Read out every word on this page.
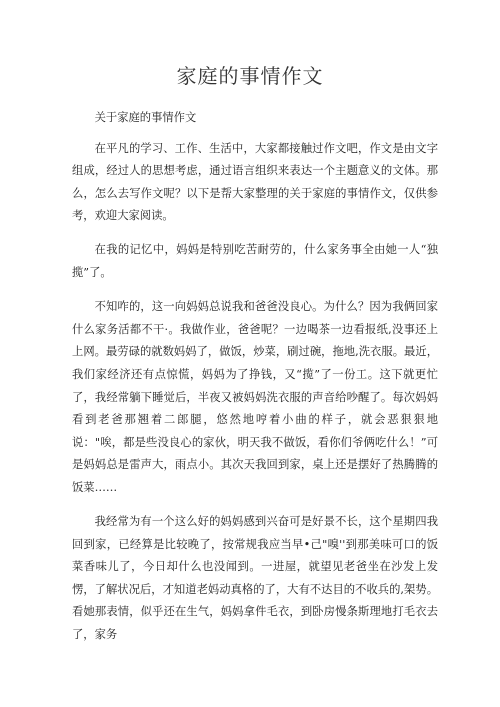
家庭的事情作文

关于家庭的事情作文

在平凡的学习、工作、生活中，大家都接触过作文吧，作文是由文字组成，经过人的思想考虑，通过语言组织来表达一个主题意义的文体。那么，怎么去写作文呢？以下是帮大家整理的关于家庭的事情作文，仅供参考，欢迎大家阅读。

在我的记忆中，妈妈是特别吃苦耐劳的，什么家务事全由她一人“独揽”了。

不知咋的，这一向妈妈总说我和爸爸没良心。为什么？因为我俩回家什么家务活都不干·。我做作业，爸爸呢？一边喝茶一边看报纸,没事还上上网。最劳碌的就数妈妈了，做饭，炒菜，刷过碗，拖地,洗衣服。最近，我们家经济还有点惊慌，妈妈为了挣钱，又“揽”了一份工。这下就更忙了，我经常躺下睡觉后，半夜又被妈妈洗衣服的声音给吵醒了。每次妈妈看到老爸那翘着二郎腿，悠然地哼着小曲的样子，就会恶狠狠地说："唉，都是些没良心的家伙，明天我不做饭，看你们爷俩吃什么！”可是妈妈总是雷声大，雨点小。其次天我回到家，桌上还是摆好了热腾腾的饭菜……

我经常为有一个这么好的妈妈感到兴奋可是好景不长，这个星期四我回到家，已经算是比较晚了，按常规我应当早•己"嗅''到那美味可口的饭菜香味儿了，今日却什么也没闻到。一进屋，就望见老爸坐在沙发上发愣，了解状况后，才知道老妈动真格的了，大有不达目的不收兵的,架势。看她那表情，似乎还在生气，妈妈拿件毛衣，到卧房慢条斯理地打毛衣去了，家务
